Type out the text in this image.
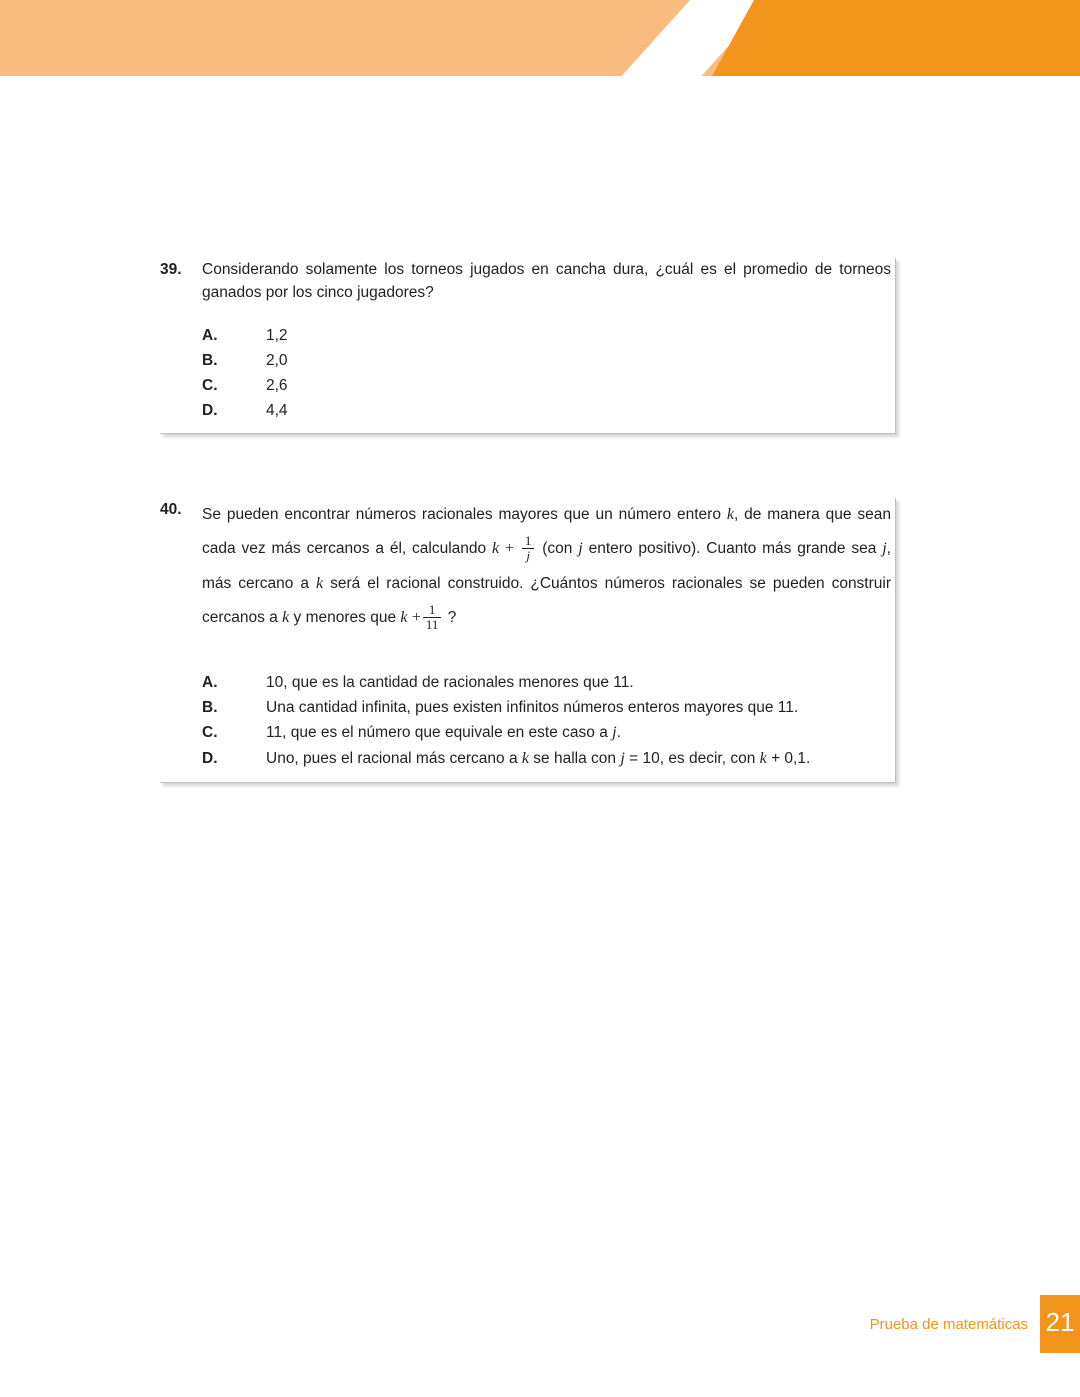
39.	Considerando solamente los torneos jugados en cancha dura, ¿cuál es el promedio de torneos ganados por los cinco jugadores?
A.	1,2
B.	2,0
C.	2,6
D.	4,4
40.	Se pueden encontrar números racionales mayores que un número entero k, de manera que sean cada vez más cercanos a él, calculando $k + \frac{1}{j} (con$ j entero positivo). Cuanto más grande sea j, más cercano a k será el racional construido. ¿Cuántos números racionales se pueden construir cercanos a k y menores que $k + \frac{1}{11}$ ?
A.	10, que es la cantidad de racionales menores que 11.
B.	Una cantidad infinita, pues existen infinitos números enteros mayores que 11.
C.	11, que es el número que equivale en este caso a j.
D.	Uno, pues el racional más cercano a k se halla con j = 10, es decir, con k + 0,1.
Prueba de matemáticas 21
